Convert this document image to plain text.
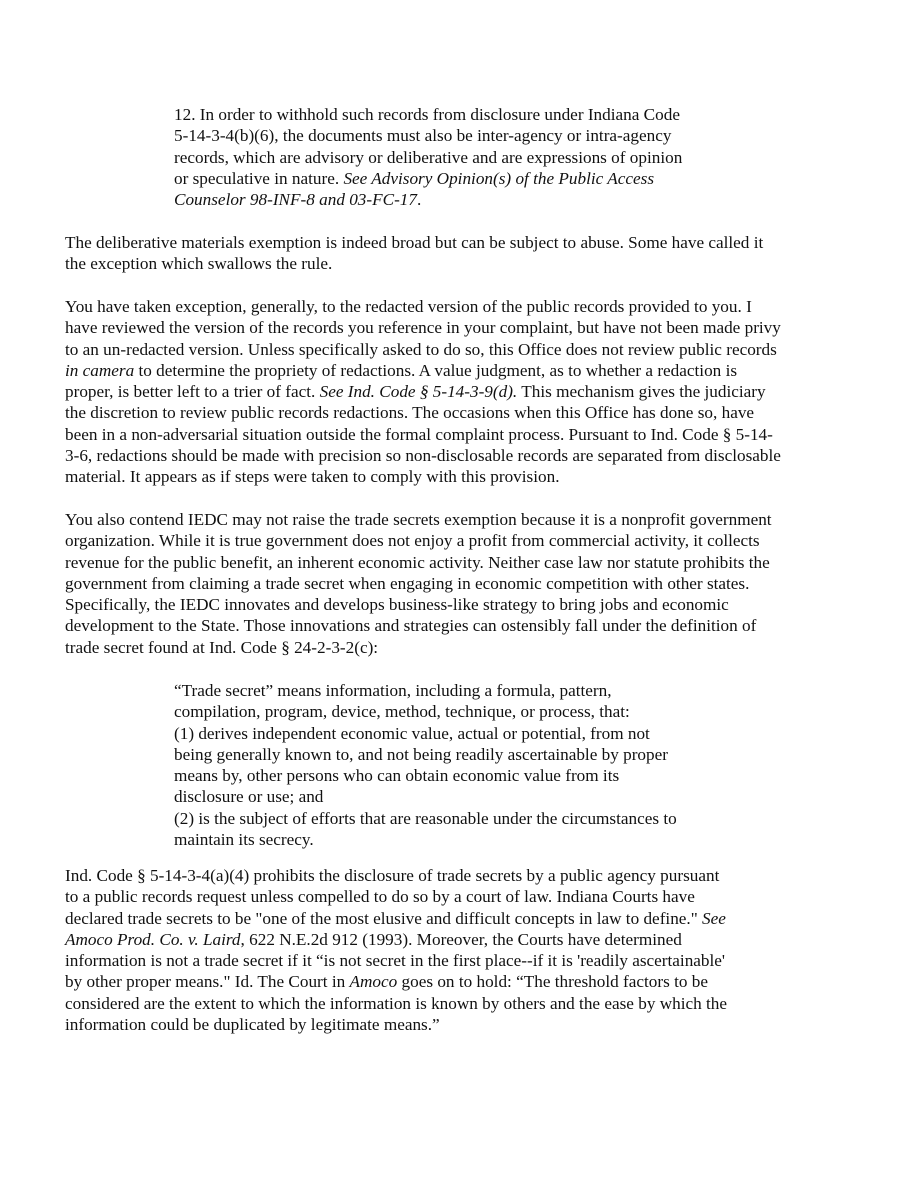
12. In order to withhold such records from disclosure under Indiana Code
5-14-3-4(b)(6), the documents must also be inter-agency or intra-agency
records, which are advisory or deliberative and are expressions of opinion
or speculative in nature. See Advisory Opinion(s) of the Public Access
Counselor 98-INF-8 and 03-FC-17.
The deliberative materials exemption is indeed broad but can be subject to abuse. Some have called it
the exception which swallows the rule.
You have taken exception, generally, to the redacted version of the public records provided to you. I
have reviewed the version of the records you reference in your complaint, but have not been made privy
to an un-redacted version. Unless specifically asked to do so, this Office does not review public records
in camera to determine the propriety of redactions. A value judgment, as to whether a redaction is
proper, is better left to a trier of fact. See Ind. Code § 5-14-3-9(d). This mechanism gives the judiciary
the discretion to review public records redactions. The occasions when this Office has done so, have
been in a non-adversarial situation outside the formal complaint process. Pursuant to Ind. Code § 5-14-
3-6, redactions should be made with precision so non-disclosable records are separated from disclosable
material. It appears as if steps were taken to comply with this provision.
You also contend IEDC may not raise the trade secrets exemption because it is a nonprofit government
organization. While it is true government does not enjoy a profit from commercial activity, it collects
revenue for the public benefit, an inherent economic activity. Neither case law nor statute prohibits the
government from claiming a trade secret when engaging in economic competition with other states.
Specifically, the IEDC innovates and develops business-like strategy to bring jobs and economic
development to the State. Those innovations and strategies can ostensibly fall under the definition of
trade secret found at Ind. Code § 24-2-3-2(c):
“Trade secret” means information, including a formula, pattern,
compilation, program, device, method, technique, or process, that:
(1) derives independent economic value, actual or potential, from not
being generally known to, and not being readily ascertainable by proper
means by, other persons who can obtain economic value from its
disclosure or use; and
(2) is the subject of efforts that are reasonable under the circumstances to
maintain its secrecy.
Ind. Code § 5-14-3-4(a)(4) prohibits the disclosure of trade secrets by a public agency pursuant
to a public records request unless compelled to do so by a court of law. Indiana Courts have
declared trade secrets to be "one of the most elusive and difficult concepts in law to define." See
Amoco Prod. Co. v. Laird, 622 N.E.2d 912 (1993). Moreover, the Courts have determined
information is not a trade secret if it “is not secret in the first place--if it is 'readily ascertainable'
by other proper means." Id. The Court in Amoco goes on to hold: “The threshold factors to be
considered are the extent to which the information is known by others and the ease by which the
information could be duplicated by legitimate means.”
